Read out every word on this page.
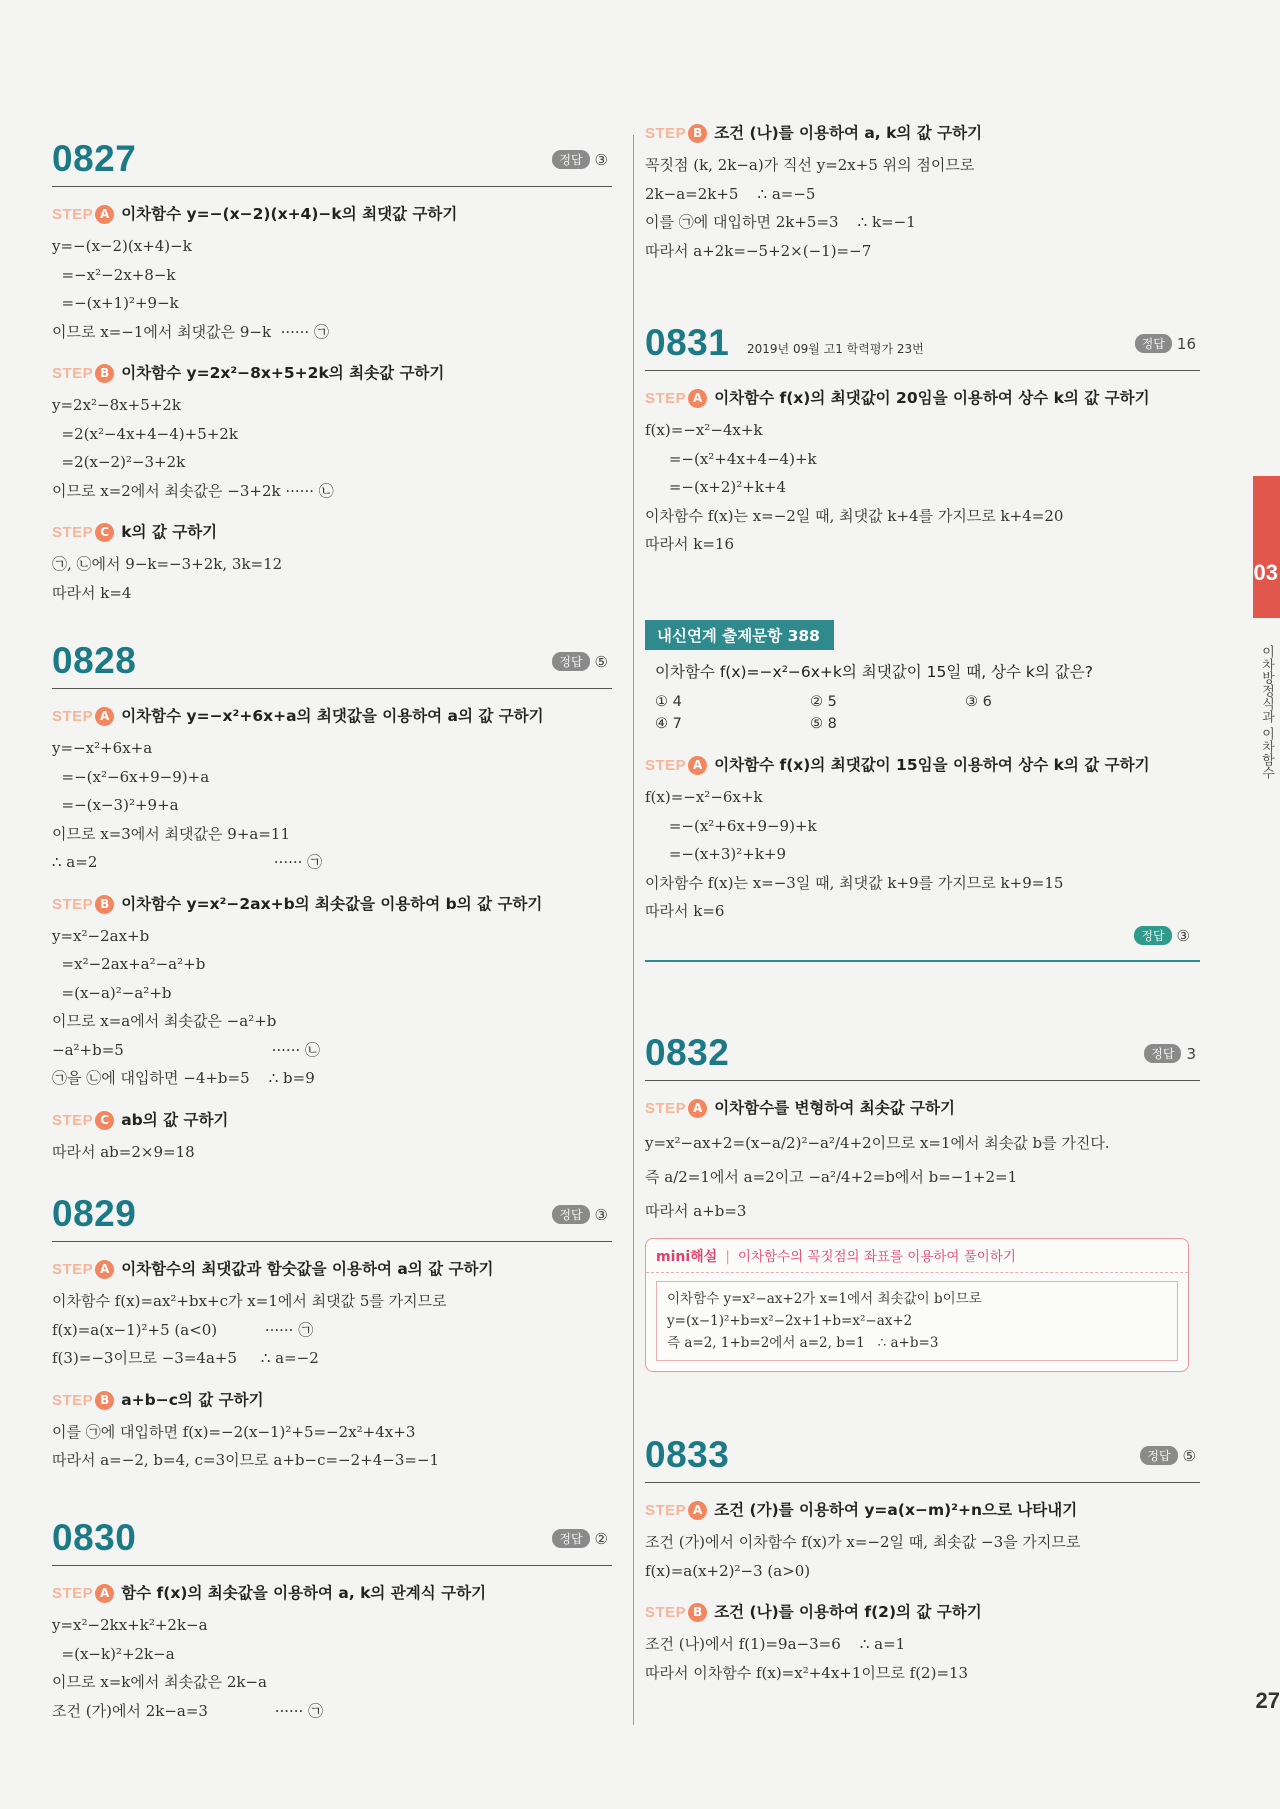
0827	정답 ③
STEP A 이차함수 y=−(x−2)(x+4)−k의 최댓값 구하기
y=−(x−2)(x+4)−k
=−x²−2x+8−k
=−(x+1)²+9−k
이므로 x=−1에서 최댓값은 9−k  ······ ㉠
STEP B 이차함수 y=2x²−8x+5+2k의 최솟값 구하기
y=2x²−8x+5+2k
=2(x²−4x+4−4)+5+2k
=2(x−2)²−3+2k
이므로 x=2에서 최솟값은 −3+2k ······ ㉡
STEP C k의 값 구하기
㉠, ㉡에서 9−k=−3+2k, 3k=12
따라서 k=4
0828	정답 ⑤
STEP A 이차함수 y=−x²+6x+a의 최댓값을 이용하여 a의 값 구하기
y=−x²+6x+a
=−(x²−6x+9−9)+a
=−(x−3)²+9+a
이므로 x=3에서 최댓값은 9+a=11
∴ a=2                                     ······ ㉠
STEP B 이차함수 y=x²−2ax+b의 최솟값을 이용하여 b의 값 구하기
y=x²−2ax+b
=x²−2ax+a²−a²+b
=(x−a)²−a²+b
이므로 x=a에서 최솟값은 −a²+b
−a²+b=5                               ······ ㉡
㉠을 ㉡에 대입하면 −4+b=5    ∴ b=9
STEP C ab의 값 구하기
따라서 ab=2×9=18
0829	정답 ③
STEP A 이차함수의 최댓값과 함숫값을 이용하여 a의 값 구하기
이차함수 f(x)=ax²+bx+c가 x=1에서 최댓값 5를 가지므로
f(x)=a(x−1)²+5 (a<0)          ······ ㉠
f(3)=−3이므로 −3=4a+5     ∴ a=−2
STEP B a+b−c의 값 구하기
이를 ㉠에 대입하면 f(x)=−2(x−1)²+5=−2x²+4x+3
따라서 a=−2, b=4, c=3이므로 a+b−c=−2+4−3=−1
0830	정답 ②
STEP A 함수 f(x)의 최솟값을 이용하여 a, k의 관계식 구하기
y=x²−2kx+k²+2k−a
=(x−k)²+2k−a
이므로 x=k에서 최솟값은 2k−a
조건 (가)에서 2k−a=3              ······ ㉠
STEP B 조건 (나)를 이용하여 a, k의 값 구하기
꼭짓점 (k, 2k−a)가 직선 y=2x+5 위의 점이므로
2k−a=2k+5    ∴ a=−5
이를 ㉠에 대입하면 2k+5=3    ∴ k=−1
따라서 a+2k=−5+2×(−1)=−7
0831 2019년 09월 고1 학력평가 23번	정답 16
STEP A 이차함수 f(x)의 최댓값이 20임을 이용하여 상수 k의 값 구하기
f(x)=−x²−4x+k
=−(x²+4x+4−4)+k
=−(x+2)²+k+4
이차함수 f(x)는 x=−2일 때, 최댓값 k+4를 가지므로 k+4=20
따라서 k=16
내신연계 출제문항 388
이차함수 f(x)=−x²−6x+k의 최댓값이 15일 때, 상수 k의 값은?
① 4	② 5	③ 6
④ 7	⑤ 8
STEP A 이차함수 f(x)의 최댓값이 15임을 이용하여 상수 k의 값 구하기
f(x)=−x²−6x+k
=−(x²+6x+9−9)+k
=−(x+3)²+k+9
이차함수 f(x)는 x=−3일 때, 최댓값 k+9를 가지므로 k+9=15
따라서 k=6
정답 ③
0832	정답 3
STEP A 이차함수를 변형하여 최솟값 구하기
y=x²−ax+2=(x−a/2)²−a²/4+2이므로 x=1에서 최솟값 b를 가진다.
즉 a/2=1에서 a=2이고 −a²/4+2=b에서 b=−1+2=1
따라서 a+b=3
mini해설 | 이차함수의 꼭짓점의 좌표를 이용하여 풀이하기
이차함수 y=x²−ax+2가 x=1에서 최솟값이 b이므로
y=(x−1)²+b=x²−2x+1+b=x²−ax+2
즉 a=2, 1+b=2에서 a=2, b=1   ∴ a+b=3
0833	정답 ⑤
STEP A 조건 (가)를 이용하여 y=a(x−m)²+n으로 나타내기
조건 (가)에서 이차함수 f(x)가 x=−2일 때, 최솟값 −3을 가지므로
f(x)=a(x+2)²−3 (a>0)
STEP B 조건 (나)를 이용하여 f(2)의 값 구하기
조건 (나)에서 f(1)=9a−3=6    ∴ a=1
따라서 이차함수 f(x)=x²+4x+1이므로 f(2)=13
03
이차방정식과 이차함수
27
